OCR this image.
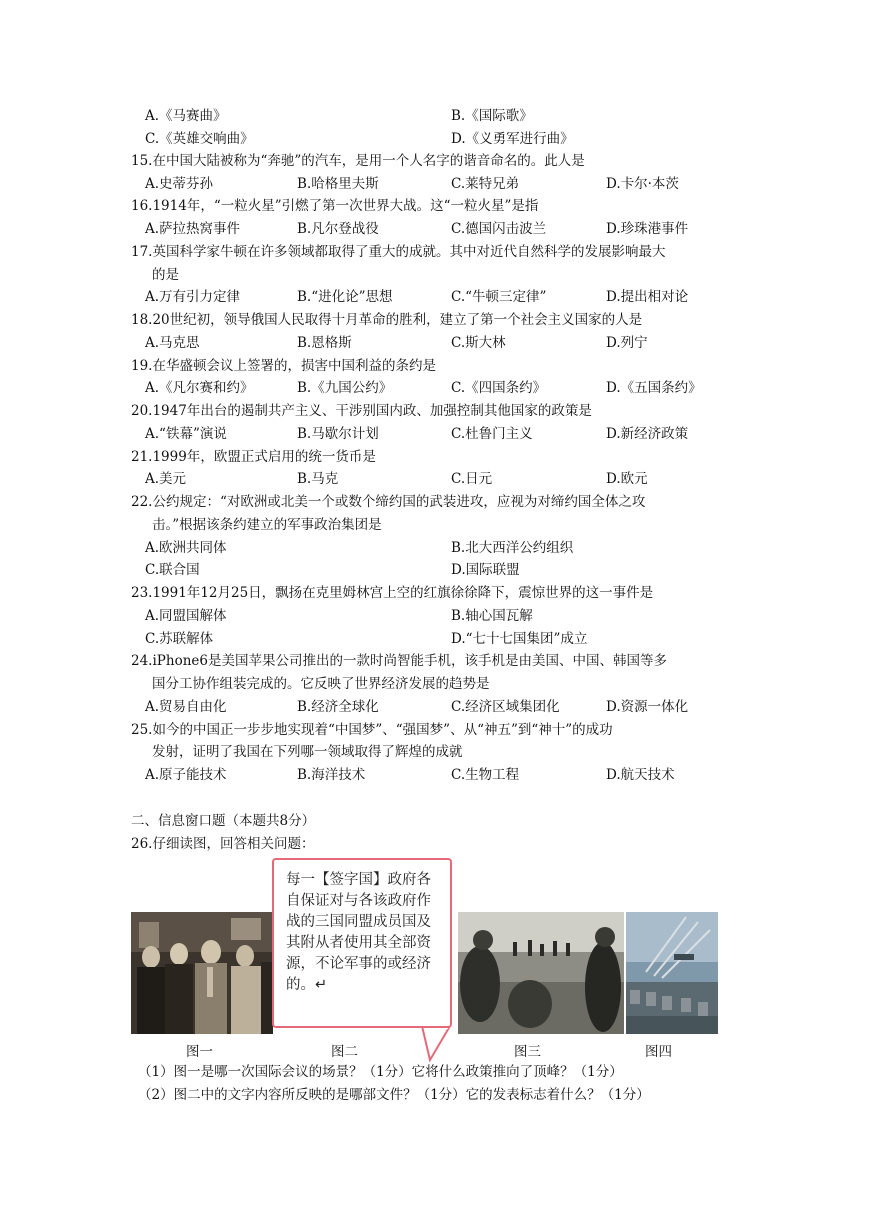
A.《马赛曲》	B.《国际歌》
C.《英雄交响曲》	D.《义勇军进行曲》
15.在中国大陆被称为“奔驰”的汽车，是用一个人名字的谐音命名的。此人是
A.史蒂芬孙	B.哈格里夫斯	C.莱特兄弟	D.卡尔·本茨
16.1914年，“一粒火星”引燃了第一次世界大战。这“一粒火星”是指
A.萨拉热窝事件	B.凡尔登战役	C.德国闪击波兰	D.珍珠港事件
17.英国科学家牛顿在许多领域都取得了重大的成就。其中对近代自然科学的发展影响最大
的是
A.万有引力定律	B.“进化论”思想	C.“牛顿三定律”	D.提出相对论
18.20世纪初，领导俄国人民取得十月革命的胜利，建立了第一个社会主义国家的人是
A.马克思	B.恩格斯	C.斯大林	D.列宁
19.在华盛顿会议上签署的，损害中国利益的条约是
A.《凡尔赛和约》	B.《九国公约》	C.《四国条约》	D.《五国条约》
20.1947年出台的遏制共产主义、干涉别国内政、加强控制其他国家的政策是
A.“铁幕”演说	B.马歇尔计划	C.杜鲁门主义	D.新经济政策
21.1999年，欧盟正式启用的统一货币是
A.美元	B.马克	C.日元	D.欧元
22.公约规定：“对欧洲或北美一个或数个缔约国的武装进攻，应视为对缔约国全体之攻
击。”根据该条约建立的军事政治集团是
A.欧洲共同体	B.北大西洋公约组织
C.联合国	D.国际联盟
23.1991年12月25日，飘扬在克里姆林宫上空的红旗徐徐降下，震惊世界的这一事件是
A.同盟国解体	B.轴心国瓦解
C.苏联解体	D.“七十七国集团”成立
24.iPhone6是美国苹果公司推出的一款时尚智能手机，该手机是由美国、中国、韩国等多
国分工协作组装完成的。它反映了世界经济发展的趋势是
A.贸易自由化	B.经济全球化	C.经济区域集团化	D.资源一体化
25.如今的中国正一步步地实现着“中国梦”、“强国梦”、从“神五”到“神十”的成功
发射，证明了我国在下列哪一领域取得了辉煌的成就
A.原子能技术	B.海洋技术	C.生物工程	D.航天技术
二、信息窗口题（本题共8分）
26.仔细读图，回答相关问题：
每一【签字国】政府各自保证对与各该政府作战的三国同盟成员国及其附从者使用其全部资源，不论军事的或经济的。↵
图一	图二	图三	图四
（1）图一是哪一次国际会议的场景？（1分）它将什么政策推向了顶峰？（1分）
（2）图二中的文字内容所反映的是哪部文件？（1分）它的发表标志着什么？（1分）
